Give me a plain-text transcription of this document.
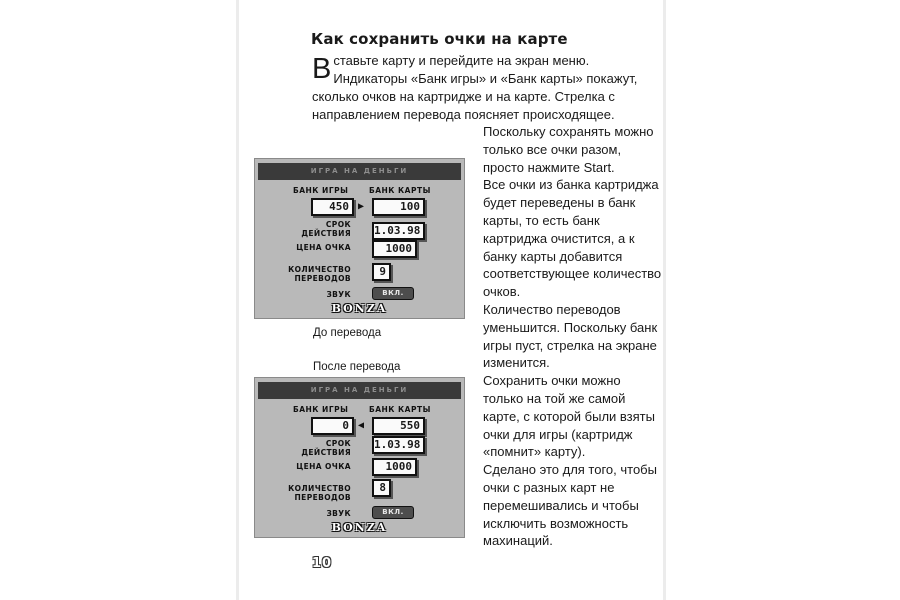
Как сохранить очки на карте
В ставьте карту и перейдите на экран меню. Индикаторы «Банк игры» и «Банк карты» покажут, сколько очков на картридже и на карте. Стрелка с направлением перевода поясняет происходящее.

Поскольку сохранять можно только все очки разом, просто нажмите Start.

Все очки из банка картриджа будет переведены в банк карты, то есть банк картриджа очистится, а к банку карты добавится соответствующее количество очков.

Количество переводов уменьшится. Поскольку банк игры пуст, стрелка на экране изменится.

Сохранить очки можно только на той же самой карте, с которой были взяты очки для игры (картридж «помнит» карту).

Сделано это для того, чтобы очки с разных карт не перемешивались и чтобы исключить возможность махинаций.

ИГРА НА ДЕНЬГИ
БАНК ИГРЫ	БАНК КАРТЫ
450 ▶	100
СРОК ДЕЙСТВИЯ 1.03.98
ЦЕНА ОЧКА	1000
КОЛИЧЕСТВО ПЕРЕВОДОВ
9
ЗВУК	ВКЛ.
BONZA
До перевода
После перевода
ИГРА НА ДЕНЬГИ
БАНК ИГРЫ	БАНК КАРТЫ
0 ◀	550
СРОК ДЕЙСТВИЯ
1.03.98
ЦЕНА ОЧКА	1000
КОЛИЧЕСТВО ПЕРЕВОДОВ
8
ЗВУК	ВКЛ.
BONZA
10
